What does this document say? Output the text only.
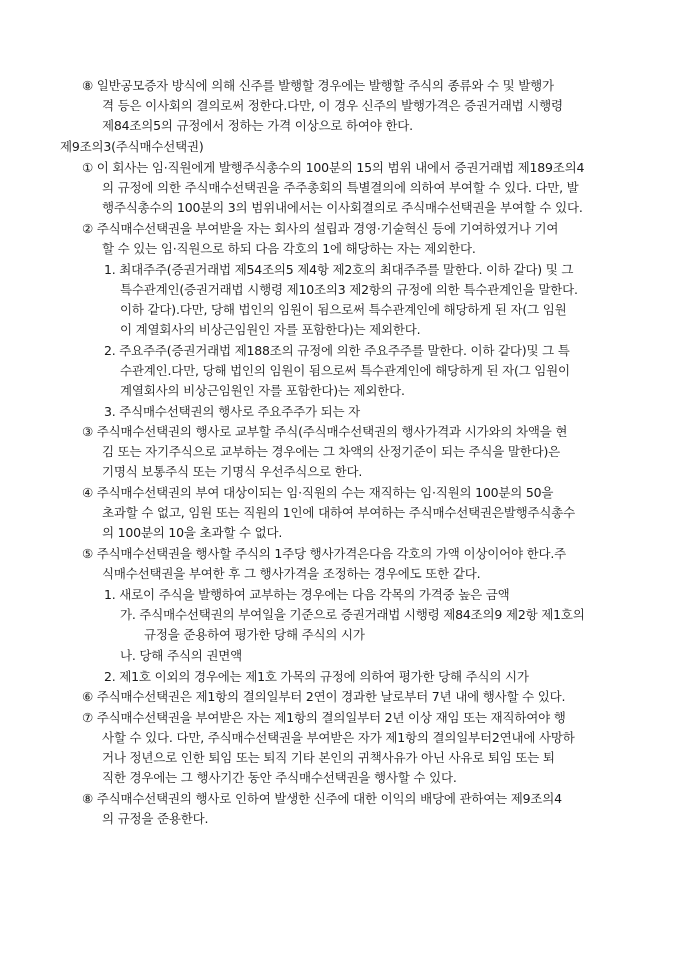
⑧ 일반공모증자 방식에 의해 신주를 발행할 경우에는 발행할 주식의 종류와 수 및 발행가
격 등은 이사회의 결의로써 정한다.다만, 이 경우 신주의 발행가격은 증권거래법 시행령
제84조의5의 규정에서 정하는 가격 이상으로 하여야 한다.
제9조의3(주식매수선택권)
① 이 회사는 임·직원에게 발행주식총수의 100분의 15의 범위 내에서 증권거래법 제189조의4
의 규정에 의한 주식매수선택권을 주주총회의 특별결의에 의하여 부여할 수 있다. 다만, 발
행주식총수의 100분의 3의 범위내에서는 이사회결의로 주식매수선택권을 부여할 수 있다.
② 주식매수선택권을 부여받을 자는 회사의 설립과 경영·기술혁신 등에 기여하였거나 기여
할 수 있는 임·직원으로 하되 다음 각호의 1에 해당하는 자는 제외한다.
1. 최대주주(증권거래법 제54조의5 제4항 제2호의 최대주주를 말한다. 이하 같다) 및 그
특수관계인(증권거래법 시행령 제10조의3 제2항의 규정에 의한 특수관계인을 말한다.
이하 같다).다만, 당해 법인의 임원이 됨으로써 특수관계인에 해당하게 된 자(그 임원
이 계열회사의 비상근임원인 자를 포함한다)는 제외한다.
2. 주요주주(증권거래법 제188조의 규정에 의한 주요주주를 말한다. 이하 같다)및 그 특
수관계인.다만, 당해 법인의 임원이 됨으로써 특수관계인에 해당하게 된 자(그 임원이
계열회사의 비상근임원인 자를 포함한다)는 제외한다.
3. 주식매수선택권의 행사로 주요주주가 되는 자
③ 주식매수선택권의 행사로 교부할 주식(주식매수선택권의 행사가격과 시가와의 차액을 현
김 또는 자기주식으로 교부하는 경우에는 그 차액의 산정기준이 되는 주식을 말한다)은
기명식 보통주식 또는 기명식 우선주식으로 한다.
④ 주식매수선택권의 부여 대상이되는 임·직원의 수는 재직하는 임·직원의 100분의 50을
초과할 수 없고, 임원 또는 직원의 1인에 대하여 부여하는 주식매수선택권은발행주식총수
의 100분의 10을 초과할 수 없다.
⑤ 주식매수선택권을 행사할 주식의 1주당 행사가격은다음 각호의 가액 이상이어야 한다.주
식매수선택권을 부여한 후 그 행사가격을 조정하는 경우에도 또한 같다.
1. 새로이 주식을 발행하여 교부하는 경우에는 다음 각목의 가격중 높은 금액
가. 주식매수선택권의 부여일을 기준으로 증권거래법 시행령 제84조의9 제2항 제1호의
규정을 준용하여 평가한 당해 주식의 시가
나. 당해 주식의 권면액
2. 제1호 이외의 경우에는 제1호 가목의 규정에 의하여 평가한 당해 주식의 시가
⑥ 주식매수선택권은 제1항의 결의일부터 2연이 경과한 날로부터 7년 내에 행사할 수 있다.
⑦ 주식매수선택권을 부여받은 자는 제1항의 결의일부터 2년 이상 재임 또는 재직하여야 행
사할 수 있다. 다만, 주식매수선택권을 부여받은 자가 제1항의 결의일부터2연내에 사망하
거나 정년으로 인한 퇴임 또는 퇴직 기타 본인의 귀책사유가 아닌 사유로 퇴임 또는 퇴
직한 경우에는 그 행사기간 동안 주식매수선택권을 행사할 수 있다.
⑧ 주식매수선택권의 행사로 인하여 발생한 신주에 대한 이익의 배당에 관하여는 제9조의4
의 규정을 준용한다.
